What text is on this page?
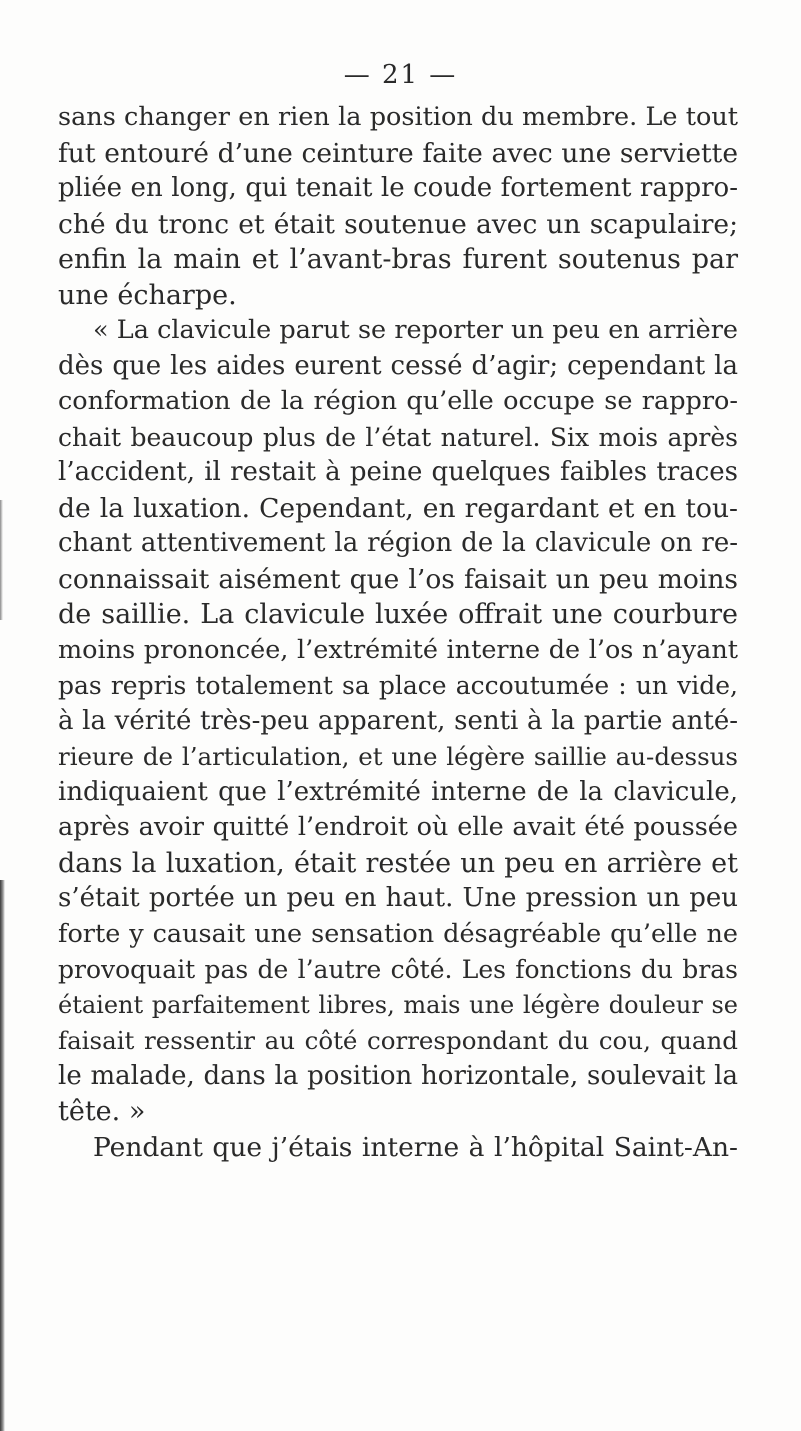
— 21 —
sans changer en rien la position du membre. Le tout
fut entouré d’une ceinture faite avec une serviette
pliée en long, qui tenait le coude fortement rappro-
ché du tronc et était soutenue avec un scapulaire;
enfin la main et l’avant-bras furent soutenus par
une écharpe.
« La clavicule parut se reporter un peu en arrière
dès que les aides eurent cessé d’agir; cependant la
conformation de la région qu’elle occupe se rappro-
chait beaucoup plus de l’état naturel. Six mois après
l’accident, il restait à peine quelques faibles traces
de la luxation. Cependant, en regardant et en tou-
chant attentivement la région de la clavicule on re-
connaissait aisément que l’os faisait un peu moins
de saillie. La clavicule luxée offrait une courbure
moins prononcée, l’extrémité interne de l’os n’ayant
pas repris totalement sa place accoutumée : un vide,
à la vérité très-peu apparent, senti à la partie anté-
rieure de l’articulation, et une légère saillie au-dessus
indiquaient que l’extrémité interne de la clavicule,
après avoir quitté l’endroit où elle avait été poussée
dans la luxation, était restée un peu en arrière et
s’était portée un peu en haut. Une pression un peu
forte y causait une sensation désagréable qu’elle ne
provoquait pas de l’autre côté. Les fonctions du bras
étaient parfaitement libres, mais une légère douleur se
faisait ressentir au côté correspondant du cou, quand
le malade, dans la position horizontale, soulevait la
tête. »
Pendant que j’étais interne à l’hôpital Saint-An-
